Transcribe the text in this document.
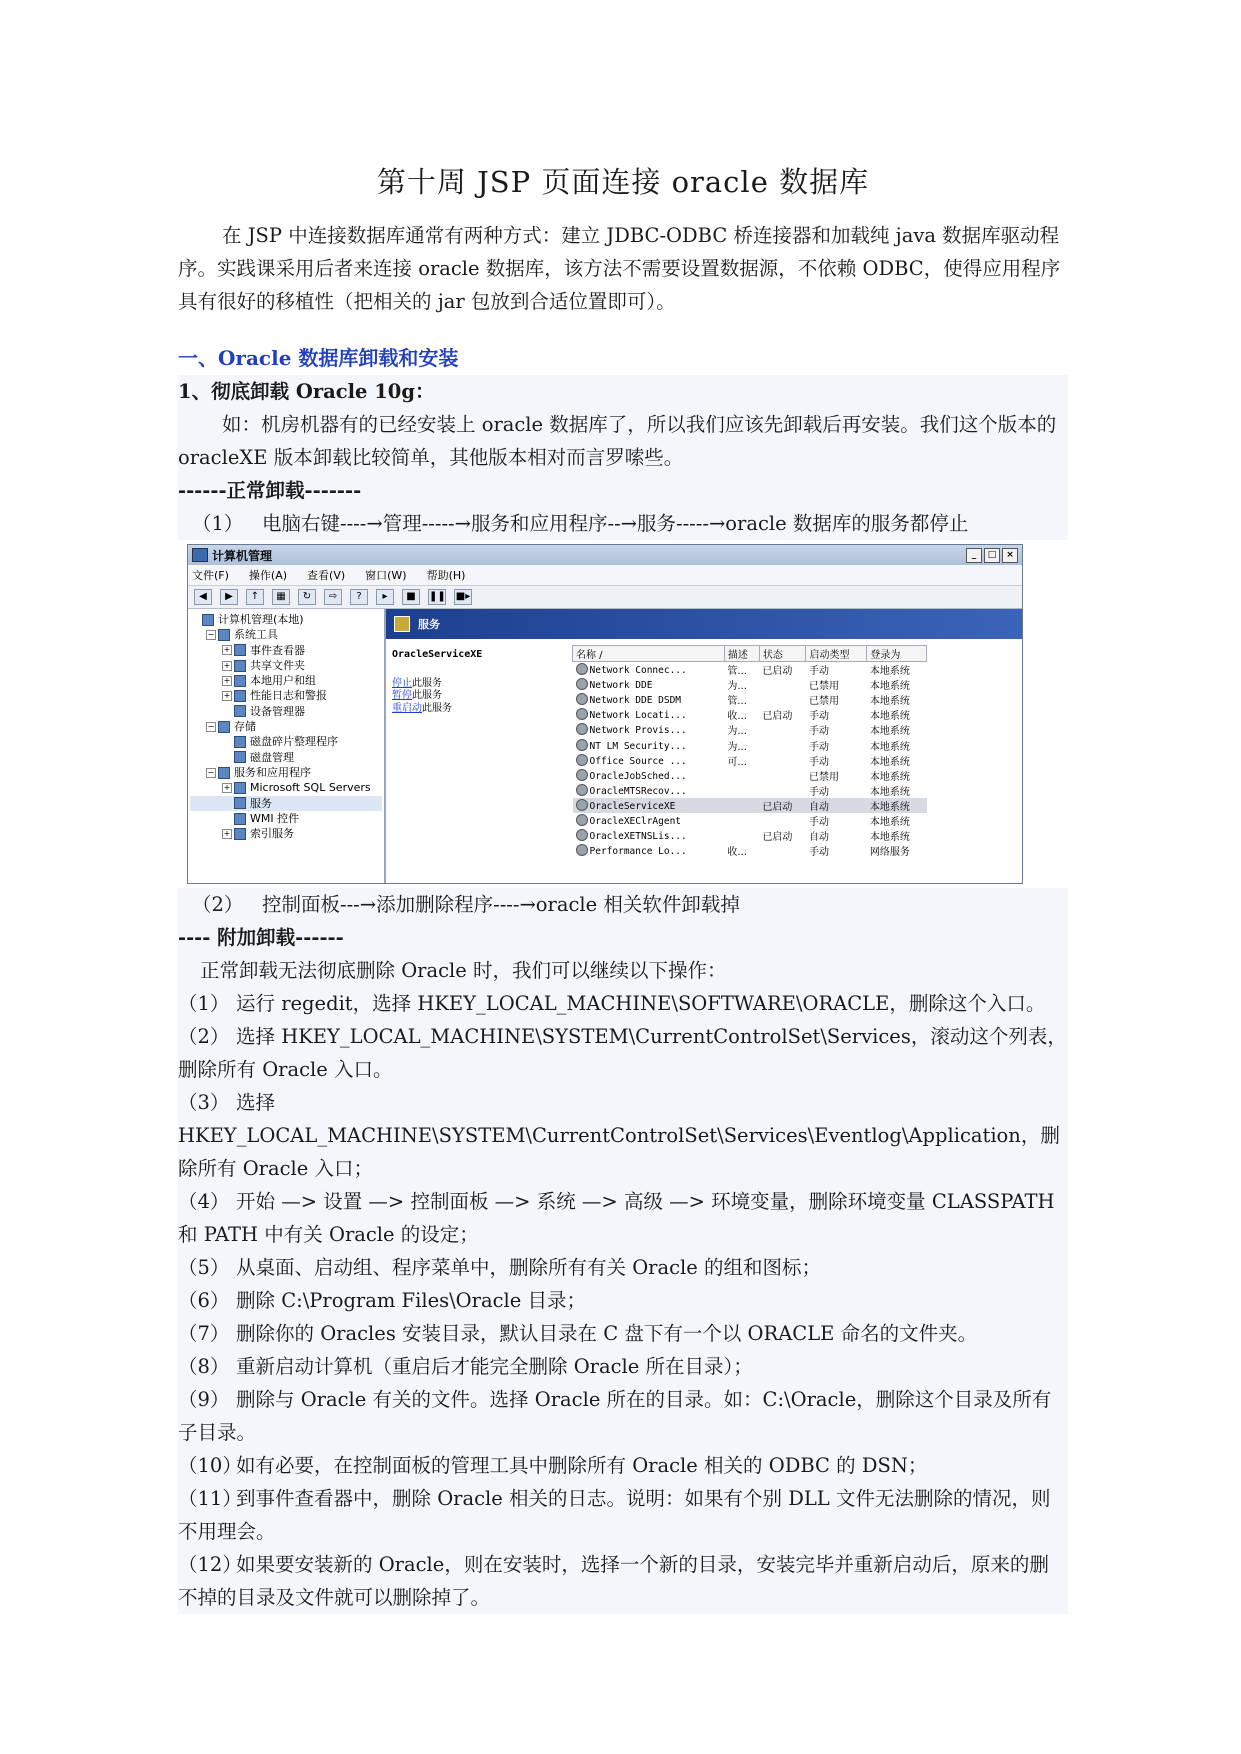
第十周 JSP 页面连接 oracle 数据库

在 JSP 中连接数据库通常有两种方式：建立 JDBC-ODBC 桥连接器和加载纯 java 数据库驱动程序。实践课采用后者来连接 oracle 数据库，该方法不需要设置数据源，不依赖 ODBC，使得应用程序具有很好的移植性（把相关的 jar 包放到合适位置即可）。

一、Oracle 数据库卸载和安装
1、彻底卸载 Oracle 10g：

如：机房机器有的已经安装上 oracle 数据库了，所以我们应该先卸载后再安装。我们这个版本的 oracleXE 版本卸载比较简单，其他版本相对而言罗嗦些。

------正常卸载-------
（1） 电脑右键----→管理-----→服务和应用程序--→服务-----→oracle 数据库的服务都停止
计算机管理	_	□	×
文件(F) 操作(A) 查看(V) 窗口(W) 帮助(H)
◀	▶	↑	▦	↻	⇨	?	▸	■	❚❚ ■▸
计算机管理(本地)
− 系统工具
+ 事件查看器
+ 共享文件夹
+ 本地用户和组
+ 性能日志和警报
设备管理器
− 存储
磁盘碎片整理程序
磁盘管理
− 服务和应用程序
+ Microsoft SQL Servers
服务
WMI 控件
+ 索引服务
服务
OracleServiceXE
停止此服务
暂停此服务
重启动此服务
名称 /	描述	状态	启动类型	登录为
Network Connec...	管...	已启动	手动	本地系统
Network DDE	为...		已禁用	本地系统
Network DDE DSDM	管...		已禁用	本地系统
Network Locati...	收...	已启动	手动	本地系统
Network Provis...	为...		手动	本地系统
NT LM Security...	为...		手动	本地系统
Office Source ...	可...		手动	本地系统
OracleJobSched...			已禁用	本地系统
OracleMTSRecov...			手动	本地系统
OracleServiceXE		已启动	自动	本地系统
OracleXEClrAgent			手动	本地系统
OracleXETNSLis...		已启动	自动	本地系统
Performance Lo...	收...		手动	网络服务
（2） 控制面板---→添加删除程序----→oracle 相关软件卸载掉
---- 附加卸载------

正常卸载无法彻底删除 Oracle 时，我们可以继续以下操作：

（1） 运行 regedit，选择 HKEY_LOCAL_MACHINE\SOFTWARE\ORACLE，删除这个入口。
（2） 选择 HKEY_LOCAL_MACHINE\SYSTEM\CurrentControlSet\Services，滚动这个列表，删除所有 Oracle 入口。
（3） 选择 HKEY_LOCAL_MACHINE\SYSTEM\CurrentControlSet\Services\Eventlog\Application，删除所有 Oracle 入口；
（4） 开始 —> 设置 —> 控制面板 —> 系统 —> 高级 —> 环境变量，删除环境变量 CLASSPATH 和 PATH 中有关 Oracle 的设定；
（5） 从桌面、启动组、程序菜单中，删除所有有关 Oracle 的组和图标；
（6） 删除 C:\Program Files\Oracle 目录；
（7） 删除你的 Oracles 安装目录，默认目录在 C 盘下有一个以 ORACLE 命名的文件夹。
（8） 重新启动计算机（重启后才能完全删除 Oracle 所在目录）；
（9） 删除与 Oracle 有关的文件。选择 Oracle 所在的目录。如：C:\Oracle，删除这个目录及所有子目录。
（10）如有必要，在控制面板的管理工具中删除所有 Oracle 相关的 ODBC 的 DSN；
（11）到事件查看器中，删除 Oracle 相关的日志。说明：如果有个别 DLL 文件无法删除的情况，则不用理会。
（12）如果要安装新的 Oracle，则在安装时，选择一个新的目录，安装完毕并重新启动后，原来的删不掉的目录及文件就可以删除掉了。
